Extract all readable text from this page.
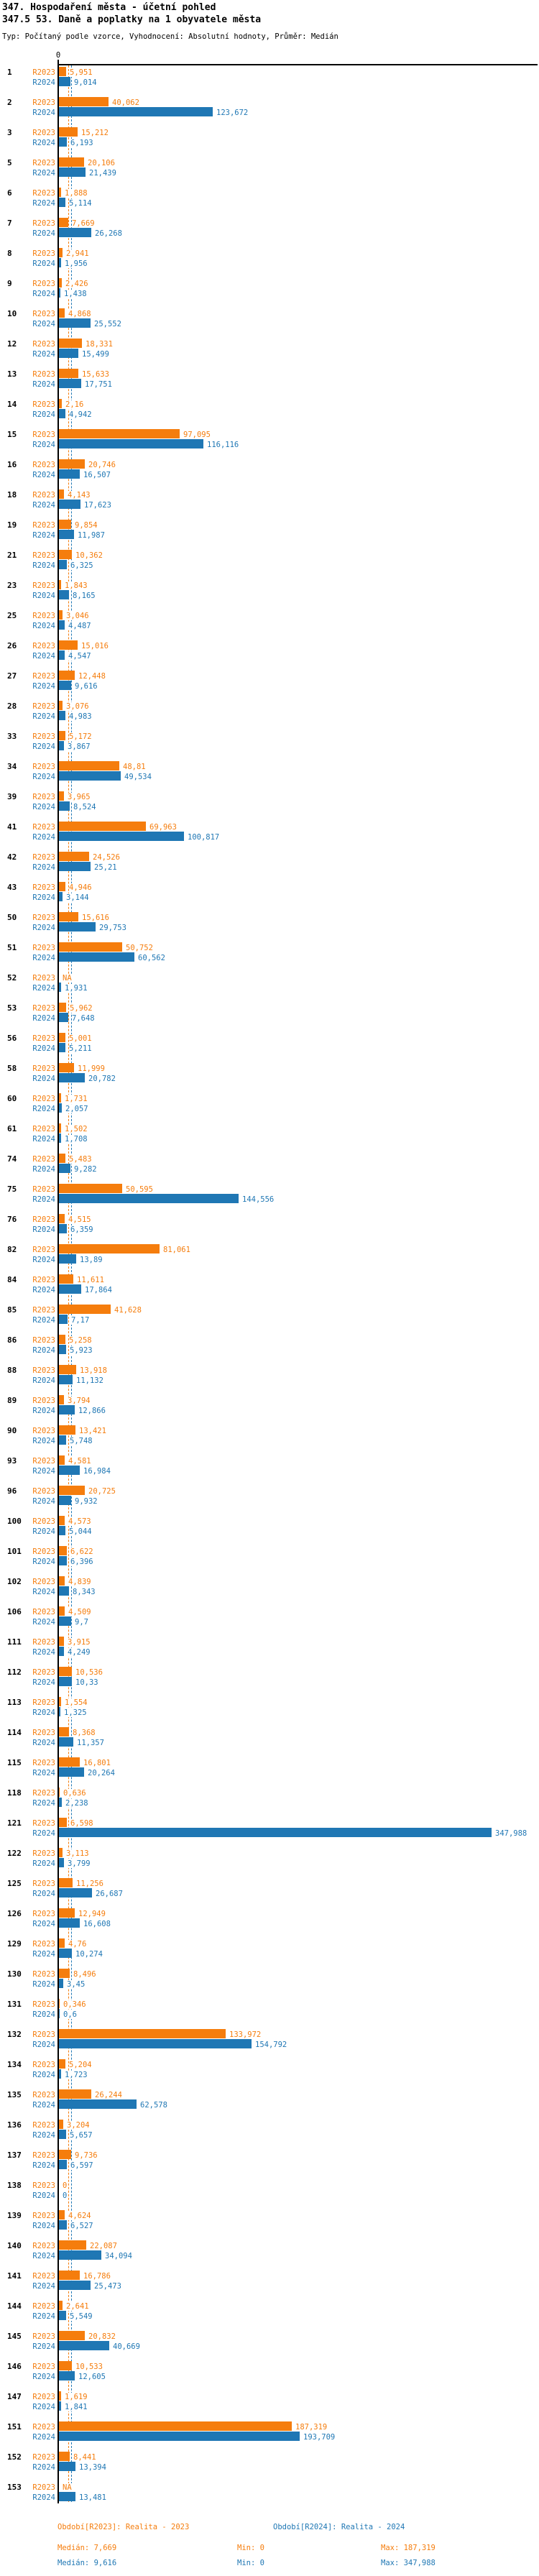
347. Hospodaření města - účetní pohled
347.5 53. Daně a poplatky na 1 obyvatele města
Typ: Počítaný podle vzorce, Vyhodnocení: Absolutní hodnoty, Průměr: Medián
0
1	R2023 5,951
R2024 9,014
2	R2023	40,062
R2024	123,672
3	R2023	15,212
R2024 6,193
5	R2023	20,106
R2024	21,439
6	R2023 1,888
R2024 5,114
7	R2023 7,669
R2024	26,268
8	R2023 2,941
R2024 1,956
9	R2023 2,426
R2024 1,438
10	R2023 4,868
R2024	25,552
12	R2023	18,331
R2024	15,499
13	R2023	15,633
R2024	17,751
14	R2023 2,16
R2024 4,942
15	R2023	97,095
R2024	116,116
16	R2023	20,746
R2024	16,507
18	R2023 4,143
R2024	17,623
19	R2023	9,854
R2024	11,987
21	R2023	10,362
R2024 6,325
23	R2023 1,843
R2024 8,165
25	R2023 3,046
R2024 4,487
26	R2023	15,016
R2024 4,547
27	R2023	12,448
R2024	9,616
28	R2023 3,076
R2024 4,983
33	R2023 5,172
R2024 3,867
34	R2023	48,81
R2024	49,534
39	R2023 3,965
R2024 8,524
41	R2023	69,963
R2024	100,817
42	R2023	24,526
R2024	25,21
43	R2023 4,946
R2024 3,144
50	R2023	15,616
R2024	29,753
51	R2023	50,752
R2024	60,562
52	R2023 NA
R2024 1,931
53	R2023 5,962
R2024 7,648
56	R2023 5,001
R2024 5,211
58	R2023	11,999
R2024	20,782
60	R2023 1,731
R2024 2,057
61	R2023 1,502
R2024 1,708
74	R2023 5,483
R2024 9,282
75	R2023	50,595
R2024	144,556
76	R2023 4,515
R2024 6,359
82	R2023	81,061
R2024	13,89
84	R2023	11,611
R2024	17,864
85	R2023	41,628
R2024 7,17
86	R2023 5,258
R2024 5,923
88	R2023	13,918
R2024	11,132
89	R2023 3,794
R2024	12,866
90	R2023	13,421
R2024 5,748
93	R2023 4,581
R2024	16,984
96	R2023	20,725
R2024	9,932
100	R2023 4,573
R2024 5,044
101	R2023 6,622
R2024 6,396
102	R2023 4,839
R2024 8,343
106	R2023 4,509
R2024	9,7
111	R2023 3,915
R2024 4,249
112	R2023	10,536
R2024	10,33
113	R2023 1,554
R2024 1,325
114	R2023 8,368
R2024	11,357
115	R2023	16,801
R2024	20,264
118	R2023 0,636
R2024 2,238
121	R2023 6,598
R2024	347,988
122	R2023 3,113
R2024 3,799
125	R2023	11,256
R2024	26,687
126	R2023	12,949
R2024	16,608
129	R2023 4,76
R2024	10,274
130	R2023 8,496
R2024 3,45
131	R2023 0,346
R2024 0,6
132	R2023	133,972
R2024	154,792
134	R2023 5,204
R2024 1,723
135	R2023	26,244
R2024	62,578
136	R2023 3,204
R2024 5,657
137	R2023	9,736
R2024 6,597
138	R2023 0
R2024 0
139	R2023 4,624
R2024 6,527
140	R2023	22,087
R2024	34,094
141	R2023	16,786
R2024	25,473
144	R2023 2,641
R2024 5,549
145	R2023	20,832
R2024	40,669
146	R2023	10,533
R2024	12,605
147	R2023 1,619
R2024 1,841
151	R2023	187,319
R2024	193,709
152	R2023 8,441
R2024	13,394
153	R2023 NA
R2024	13,481
Období[R2023]: Realita - 2023	Období[R2024]: Realita - 2024
Medián: 7,669	Min: 0	Max: 187,319
Medián: 9,616	Min: 0	Max: 347,988
